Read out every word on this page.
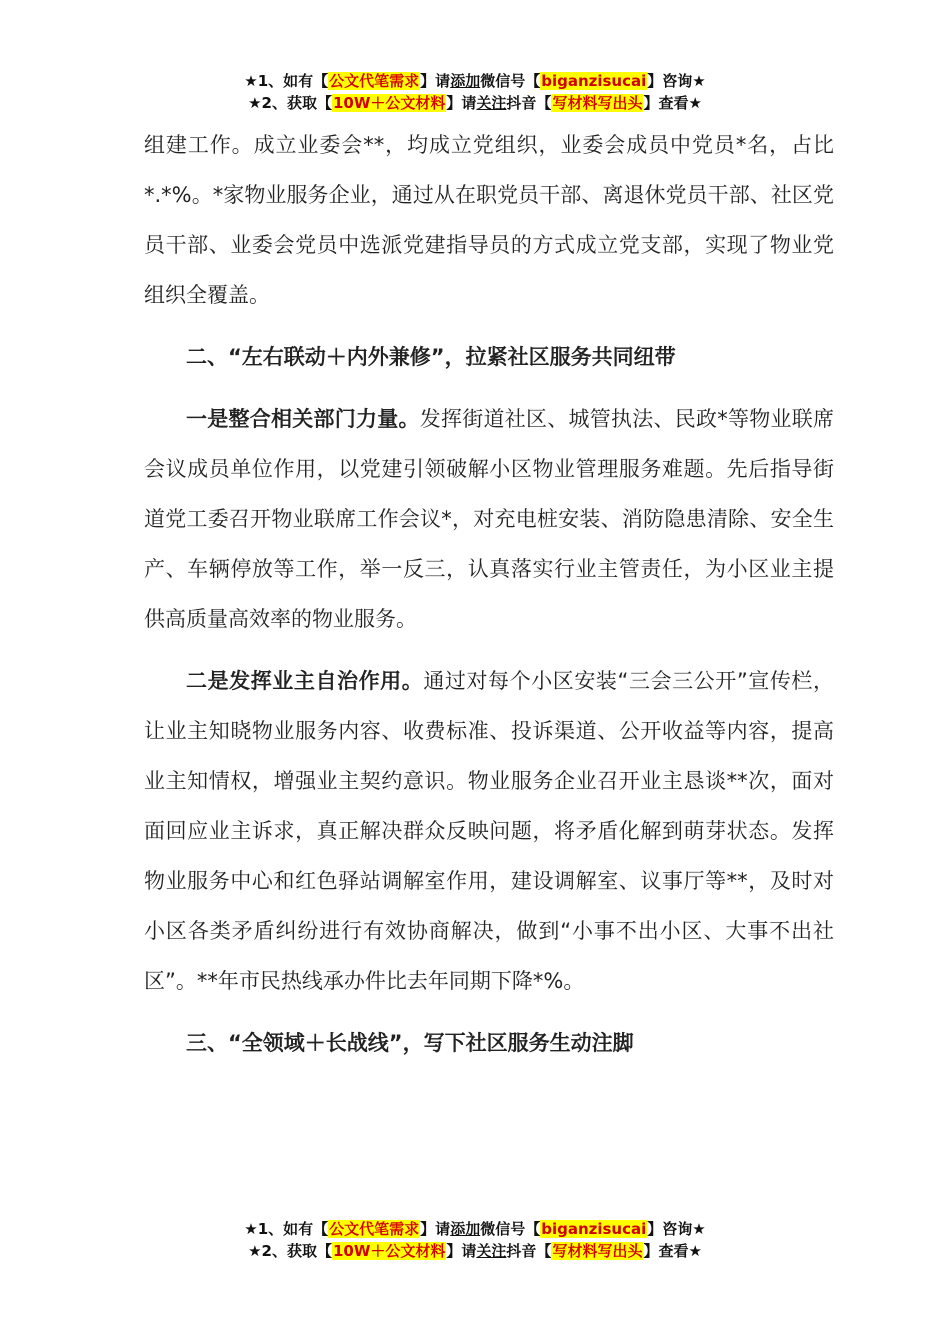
★1、如有【公文代笔需求】请添加微信号【biganzisucai】咨询★
★2、获取【10W＋公文材料】请关注抖音【写材料写出头】查看★

组建工作。成立业委会**，均成立党组织，业委会成员中党员*名，占比*.*%。*家物业服务企业，通过从在职党员干部、离退休党员干部、社区党员干部、业委会党员中选派党建指导员的方式成立党支部，实现了物业党组织全覆盖。

二、“左右联动＋内外兼修”，拉紧社区服务共同纽带

一是整合相关部门力量。发挥街道社区、城管执法、民政*等物业联席会议成员单位作用，以党建引领破解小区物业管理服务难题。先后指导街道党工委召开物业联席工作会议*，对充电桩安装、消防隐患清除、安全生产、车辆停放等工作，举一反三，认真落实行业主管责任，为小区业主提供高质量高效率的物业服务。

二是发挥业主自治作用。通过对每个小区安装“三会三公开”宣传栏，让业主知晓物业服务内容、收费标准、投诉渠道、公开收益等内容，提高业主知情权，增强业主契约意识。物业服务企业召开业主恳谈**次，面对面回应业主诉求，真正解决群众反映问题，将矛盾化解到萌芽状态。发挥物业服务中心和红色驿站调解室作用，建设调解室、议事厅等**，及时对小区各类矛盾纠纷进行有效协商解决，做到“小事不出小区、大事不出社区”。**年市民热线承办件比去年同期下降*%。

三、“全领域＋长战线”，写下社区服务生动注脚

★1、如有【公文代笔需求】请添加微信号【biganzisucai】咨询★
★2、获取【10W＋公文材料】请关注抖音【写材料写出头】查看★
